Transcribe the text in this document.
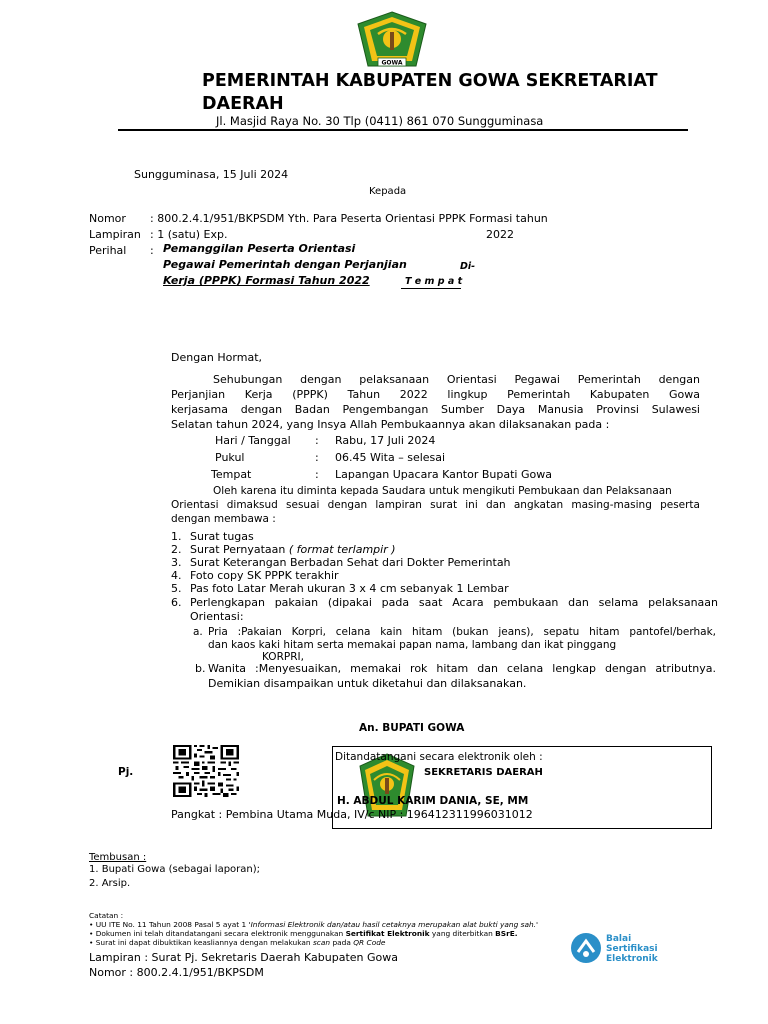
GOWA
PEMERINTAH KABUPATEN GOWA SEKRETARIAT DAERAH
Jl. Masjid Raya No. 30 Tlp (0411) 861 070 Sungguminasa
Sungguminasa, 15 Juli 2024
Kepada
Nomor : 800.2.4.1/951/BKPSDM Yth. Para Peserta Orientasi PPPK Formasi tahun
Lampiran : 1 (satu) Exp.	2022
Perihal : Pemanggilan Peserta Orientasi
Pegawai Pemerintah dengan Perjanjian
Kerja (PPPK) Formasi Tahun 2022
Di-
T e m p a t
Dengan Hormat,
Sehubungan dengan pelaksanaan Orientasi Pegawai Pemerintah dengan
Perjanjian Kerja (PPPK) Tahun 2022 lingkup Pemerintah Kabupaten Gowa
kerjasama dengan Badan Pengembangan Sumber Daya Manusia Provinsi Sulawesi
Selatan tahun 2024, yang Insya Allah Pembukaannya akan dilaksanakan pada :
Hari / Tanggal : Rabu, 17 Juli 2024
Pukul	: 06.45 Wita – selesai
Tempat	: Lapangan Upacara Kantor Bupati Gowa
Oleh karena itu diminta kepada Saudara untuk mengikuti Pembukaan dan Pelaksanaan
Orientasi dimaksud sesuai dengan lampiran surat ini dan angkatan masing-masing peserta
dengan membawa :
1. Surat tugas
2. Surat Pernyataan ( format terlampir )
3. Surat Keterangan Berbadan Sehat dari Dokter Pemerintah
4. Foto copy SK PPPK terakhir
5. Pas foto Latar Merah ukuran 3 x 4 cm sebanyak 1 Lembar
6. Perlengkapan pakaian (dipakai pada saat Acara pembukaan dan selama pelaksanaan
Orientasi:
a. Pria :Pakaian Korpri, celana kain hitam (bukan jeans), sepatu hitam pantofel/berhak,
dan kaos kaki hitam serta memakai papan nama, lambang dan ikat pinggang
KORPRI,
b. Wanita :Menyesuaikan, memakai rok hitam dan celana lengkap dengan atributnya.
Demikian disampaikan untuk diketahui dan dilaksanakan.
An. BUPATI GOWA
Pj.
Ditandatangani secara elektronik oleh :
SEKRETARIS DAERAH
H. ABDUL KARIM DANIA, SE, MM
Pangkat : Pembina Utama Muda, IV/c NIP : 196412311996031012
Tembusan :
1. Bupati Gowa (sebagai laporan);
2. Arsip.
Catatan :
• UU ITE No. 11 Tahun 2008 Pasal 5 ayat 1 'Informasi Elektronik dan/atau hasil cetaknya merupakan alat bukti yang sah.'
• Dokumen ini telah ditandatangani secara elektronik menggunakan Sertifikat Elektronik yang diterbitkan BSrE.
• Surat ini dapat dibuktikan keasliannya dengan melakukan scan pada QR Code	Balai
Sertifikasi
Elektronik
Lampiran : Surat Pj. Sekretaris Daerah Kabupaten Gowa
Nomor : 800.2.4.1/951/BKPSDM
